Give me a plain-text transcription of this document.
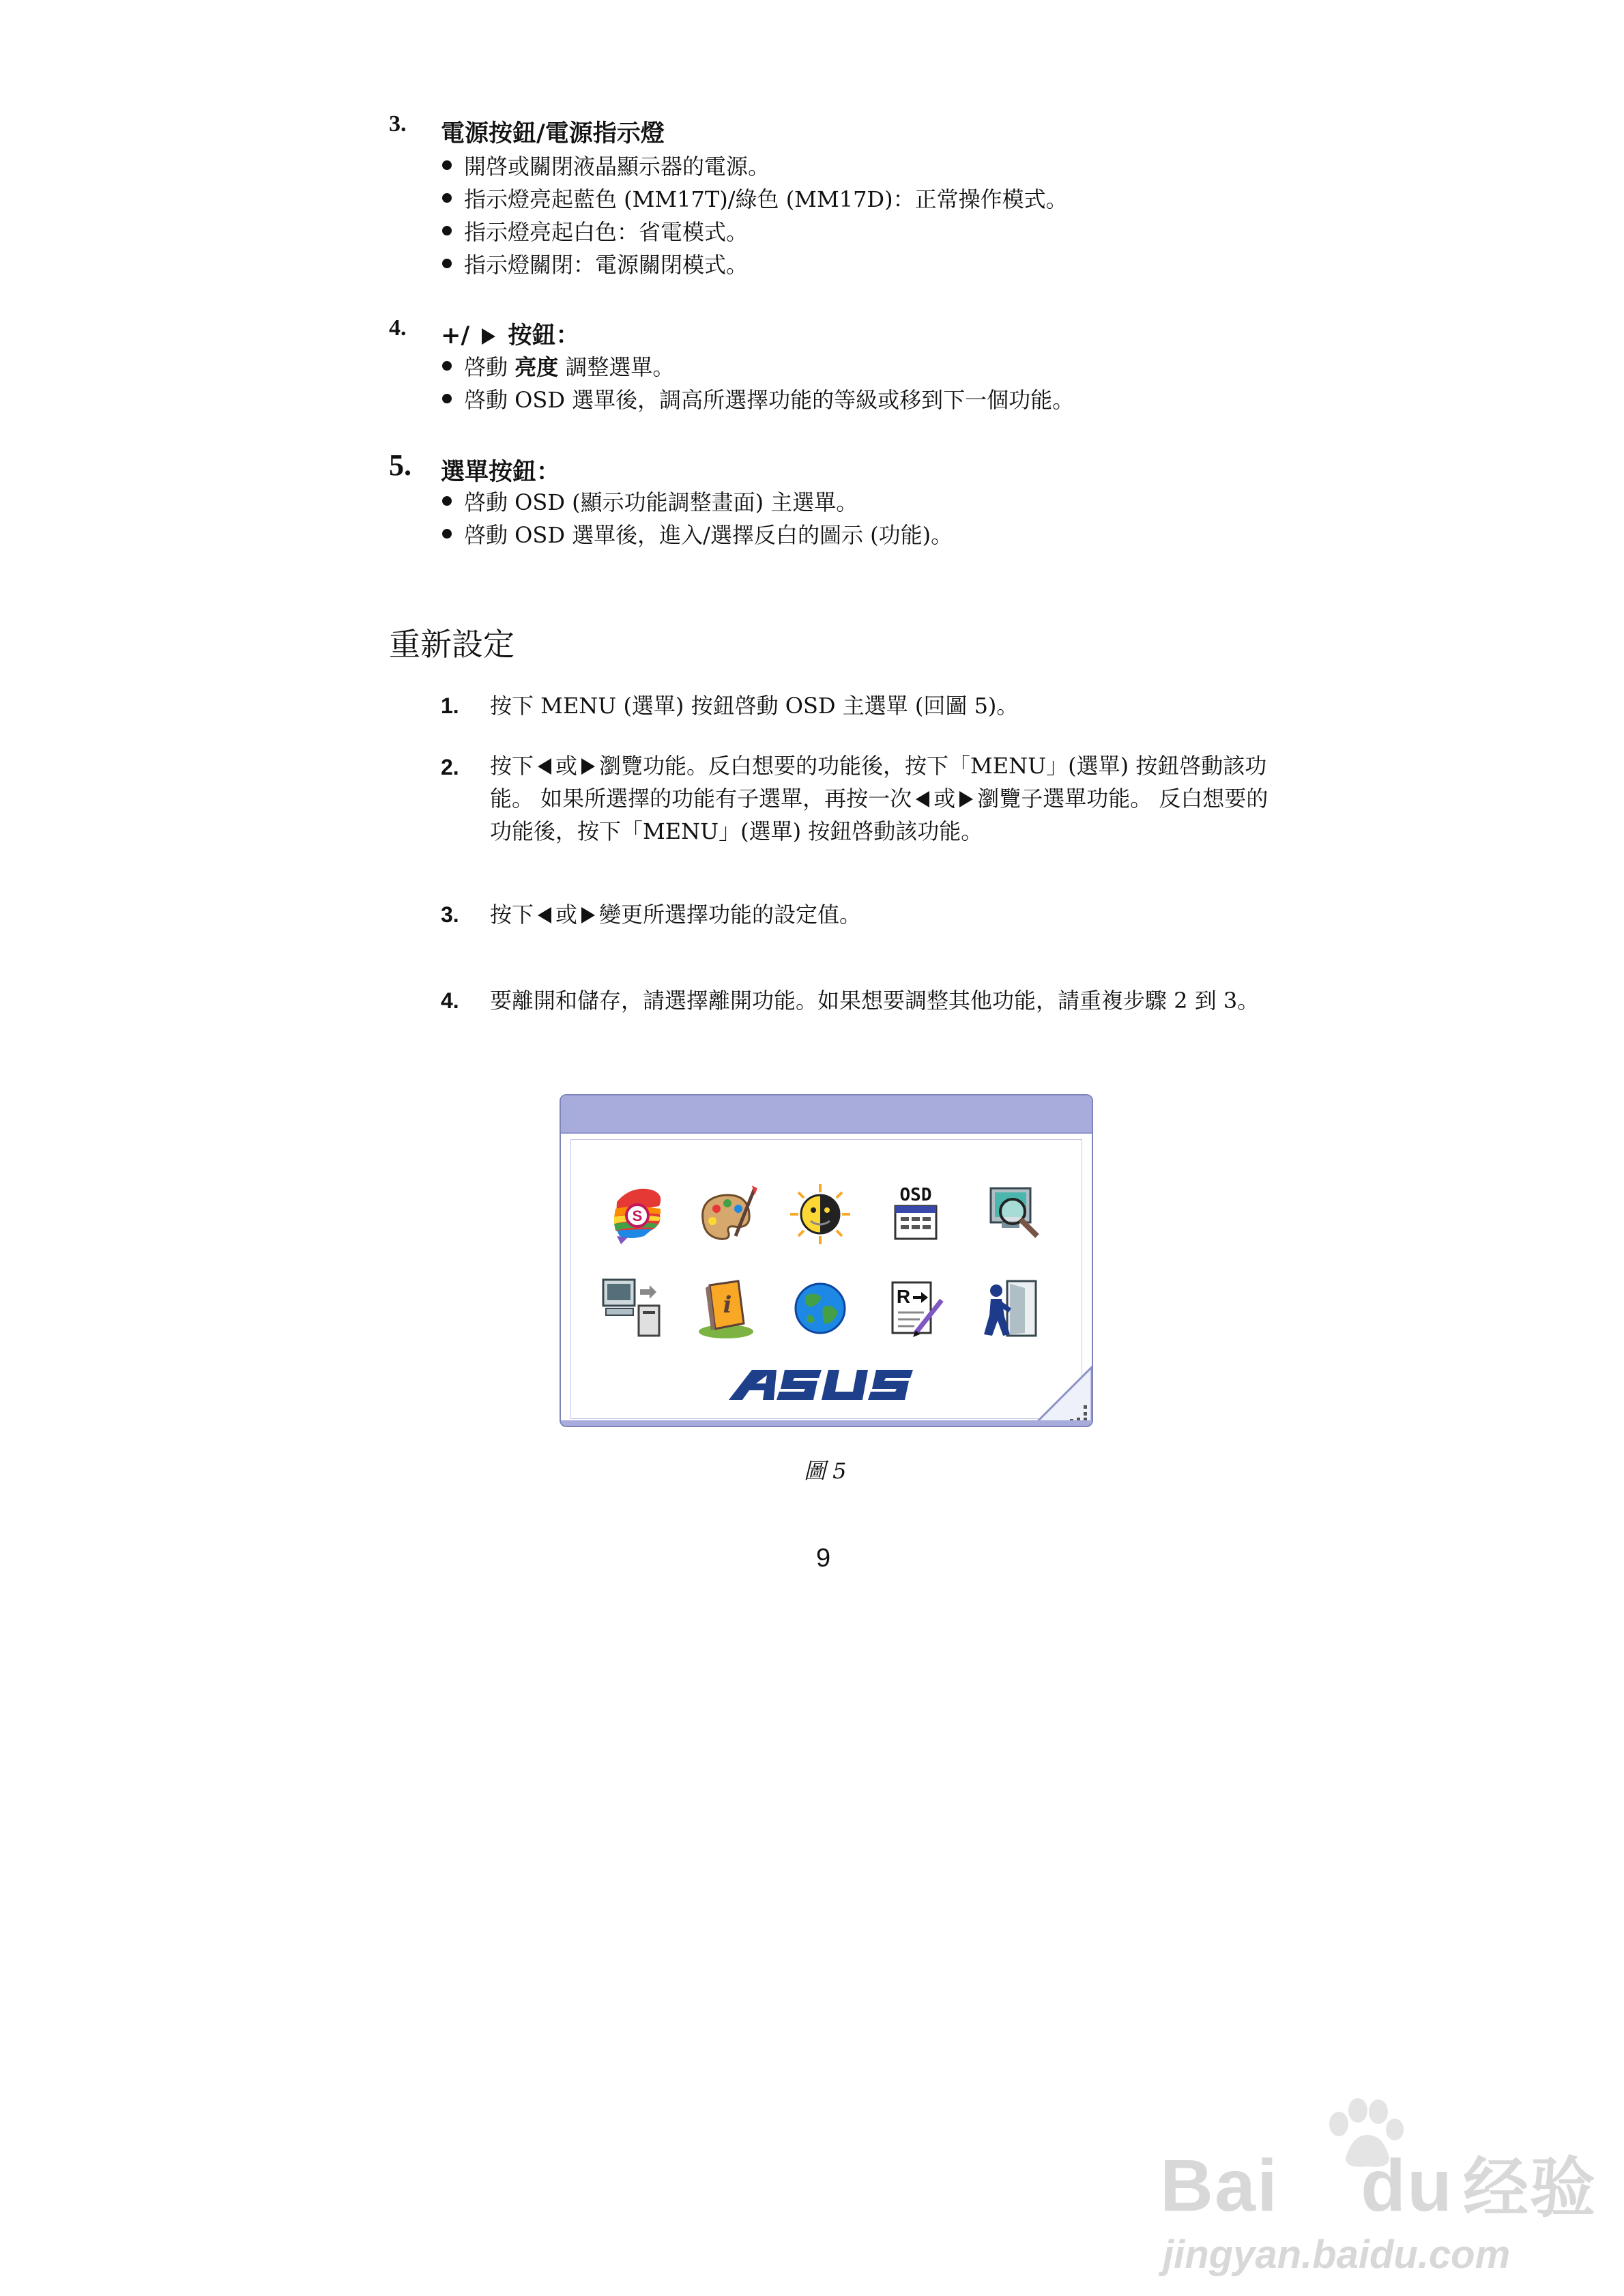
3. 電源按鈕/電源指示燈
開啓或關閉液晶顯示器的電源。
指示燈亮起藍色 (MM17T)/綠色 (MM17D)：正常操作模式。
指示燈亮起白色：省電模式。
指示燈關閉：電源關閉模式。
4. +/ 按鈕：
啓動 亮度 調整選單。
啓動 OSD 選單後，調高所選擇功能的等級或移到下一個功能。
5. 選單按鈕：
啓動 OSD (顯示功能調整畫面) 主選單。
啓動 OSD 選單後，進入/選擇反白的圖示 (功能)。
重新設定
1. 按下 MENU (選單) 按鈕啓動 OSD 主選單 (回圖 5)。
2. 按下 或 瀏覽功能。反白想要的功能後，按下「MENU」(選單) 按鈕啓動該功能。 如果所選擇的功能有子選單，再按一次 或 瀏覽子選單功能。 反白想要的功能後，按下「MENU」(選單) 按鈕啓動該功能。
3. 按下 或 變更所選擇功能的設定值。
4. 要離開和儲存，請選擇離開功能。如果想要調整其他功能，請重複步驟 2 到 3。
S
OSD
i	R
ASUS
圖 5
9
Bai du 经验
jingyan.baidu.com
